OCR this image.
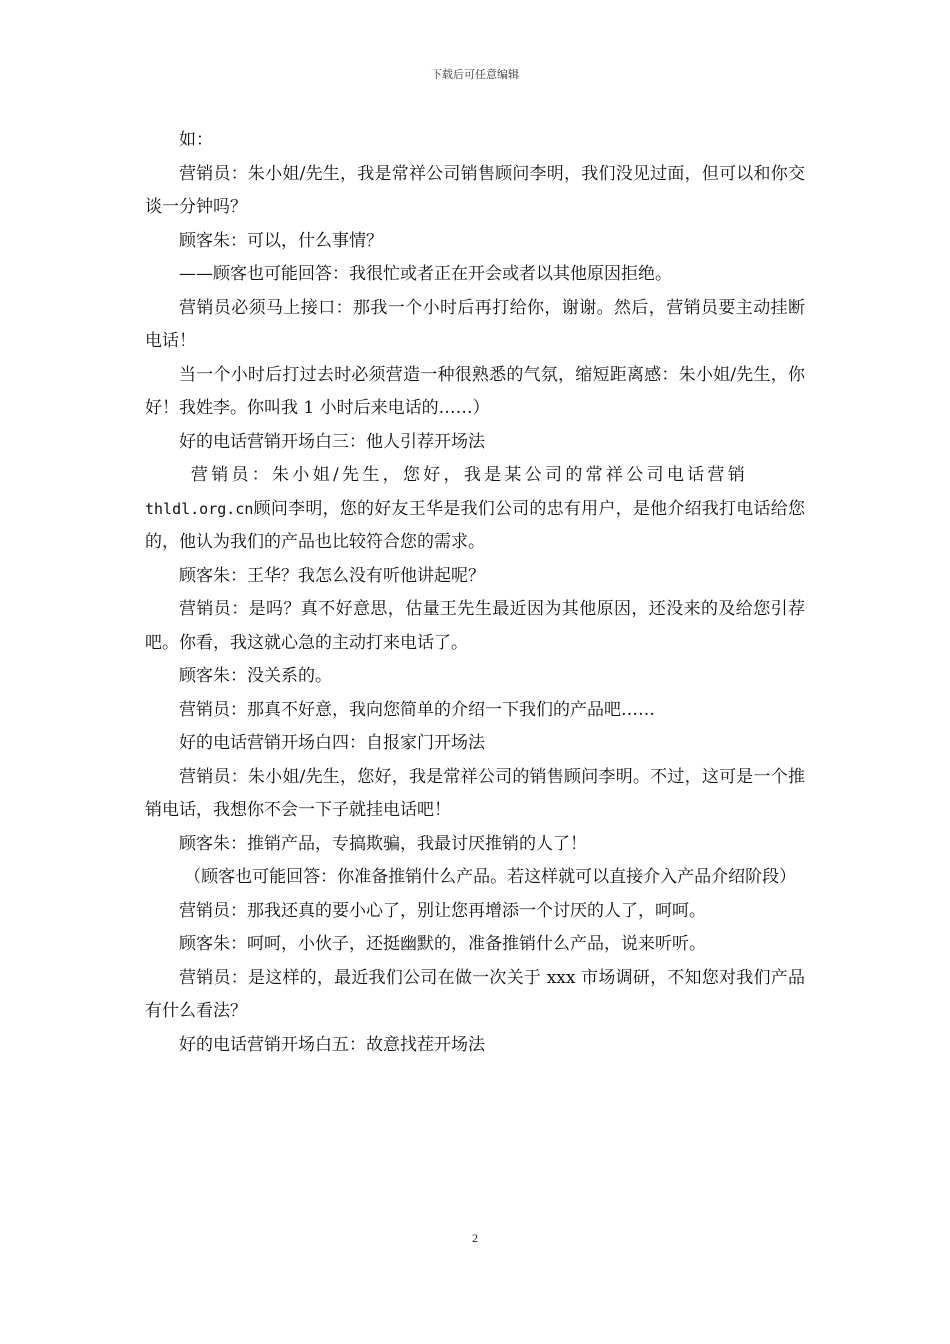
下载后可任意编辑

如：

营销员：朱小姐/先生，我是常祥公司销售顾问李明，我们没见过面，但可以和你交谈一分钟吗？

顾客朱：可以，什么事情？

——顾客也可能回答：我很忙或者正在开会或者以其他原因拒绝。

营销员必须马上接口：那我一个小时后再打给你，谢谢。然后，营销员要主动挂断电话！

当一个小时后打过去时必须营造一种很熟悉的气氛，缩短距离感：朱小姐/先生，你好！我姓李。你叫我 1 小时后来电话的……）

好的电话营销开场白三：他人引荐开场法

营销员：朱小姐/先生，您好，我是某公司的常祥公司电话营销

thldl.org.cn顾问李明，您的好友王华是我们公司的忠有用户，是他介绍我打电话给您的，他认为我们的产品也比较符合您的需求。

顾客朱：王华？我怎么没有听他讲起呢？

营销员：是吗？真不好意思，估量王先生最近因为其他原因，还没来的及给您引荐吧。你看，我这就心急的主动打来电话了。

顾客朱：没关系的。

营销员：那真不好意，我向您简单的介绍一下我们的产品吧……

好的电话营销开场白四：自报家门开场法

营销员：朱小姐/先生，您好，我是常祥公司的销售顾问李明。不过，这可是一个推销电话，我想你不会一下子就挂电话吧！

顾客朱：推销产品，专搞欺骗，我最讨厌推销的人了！

（顾客也可能回答：你准备推销什么产品。若这样就可以直接介入产品介绍阶段）

营销员：那我还真的要小心了，别让您再增添一个讨厌的人了，呵呵。

顾客朱：呵呵，小伙子，还挺幽默的，准备推销什么产品，说来听听。

营销员：是这样的，最近我们公司在做一次关于 xxx 市场调研，不知您对我们产品有什么看法？

好的电话营销开场白五：故意找茬开场法

2
